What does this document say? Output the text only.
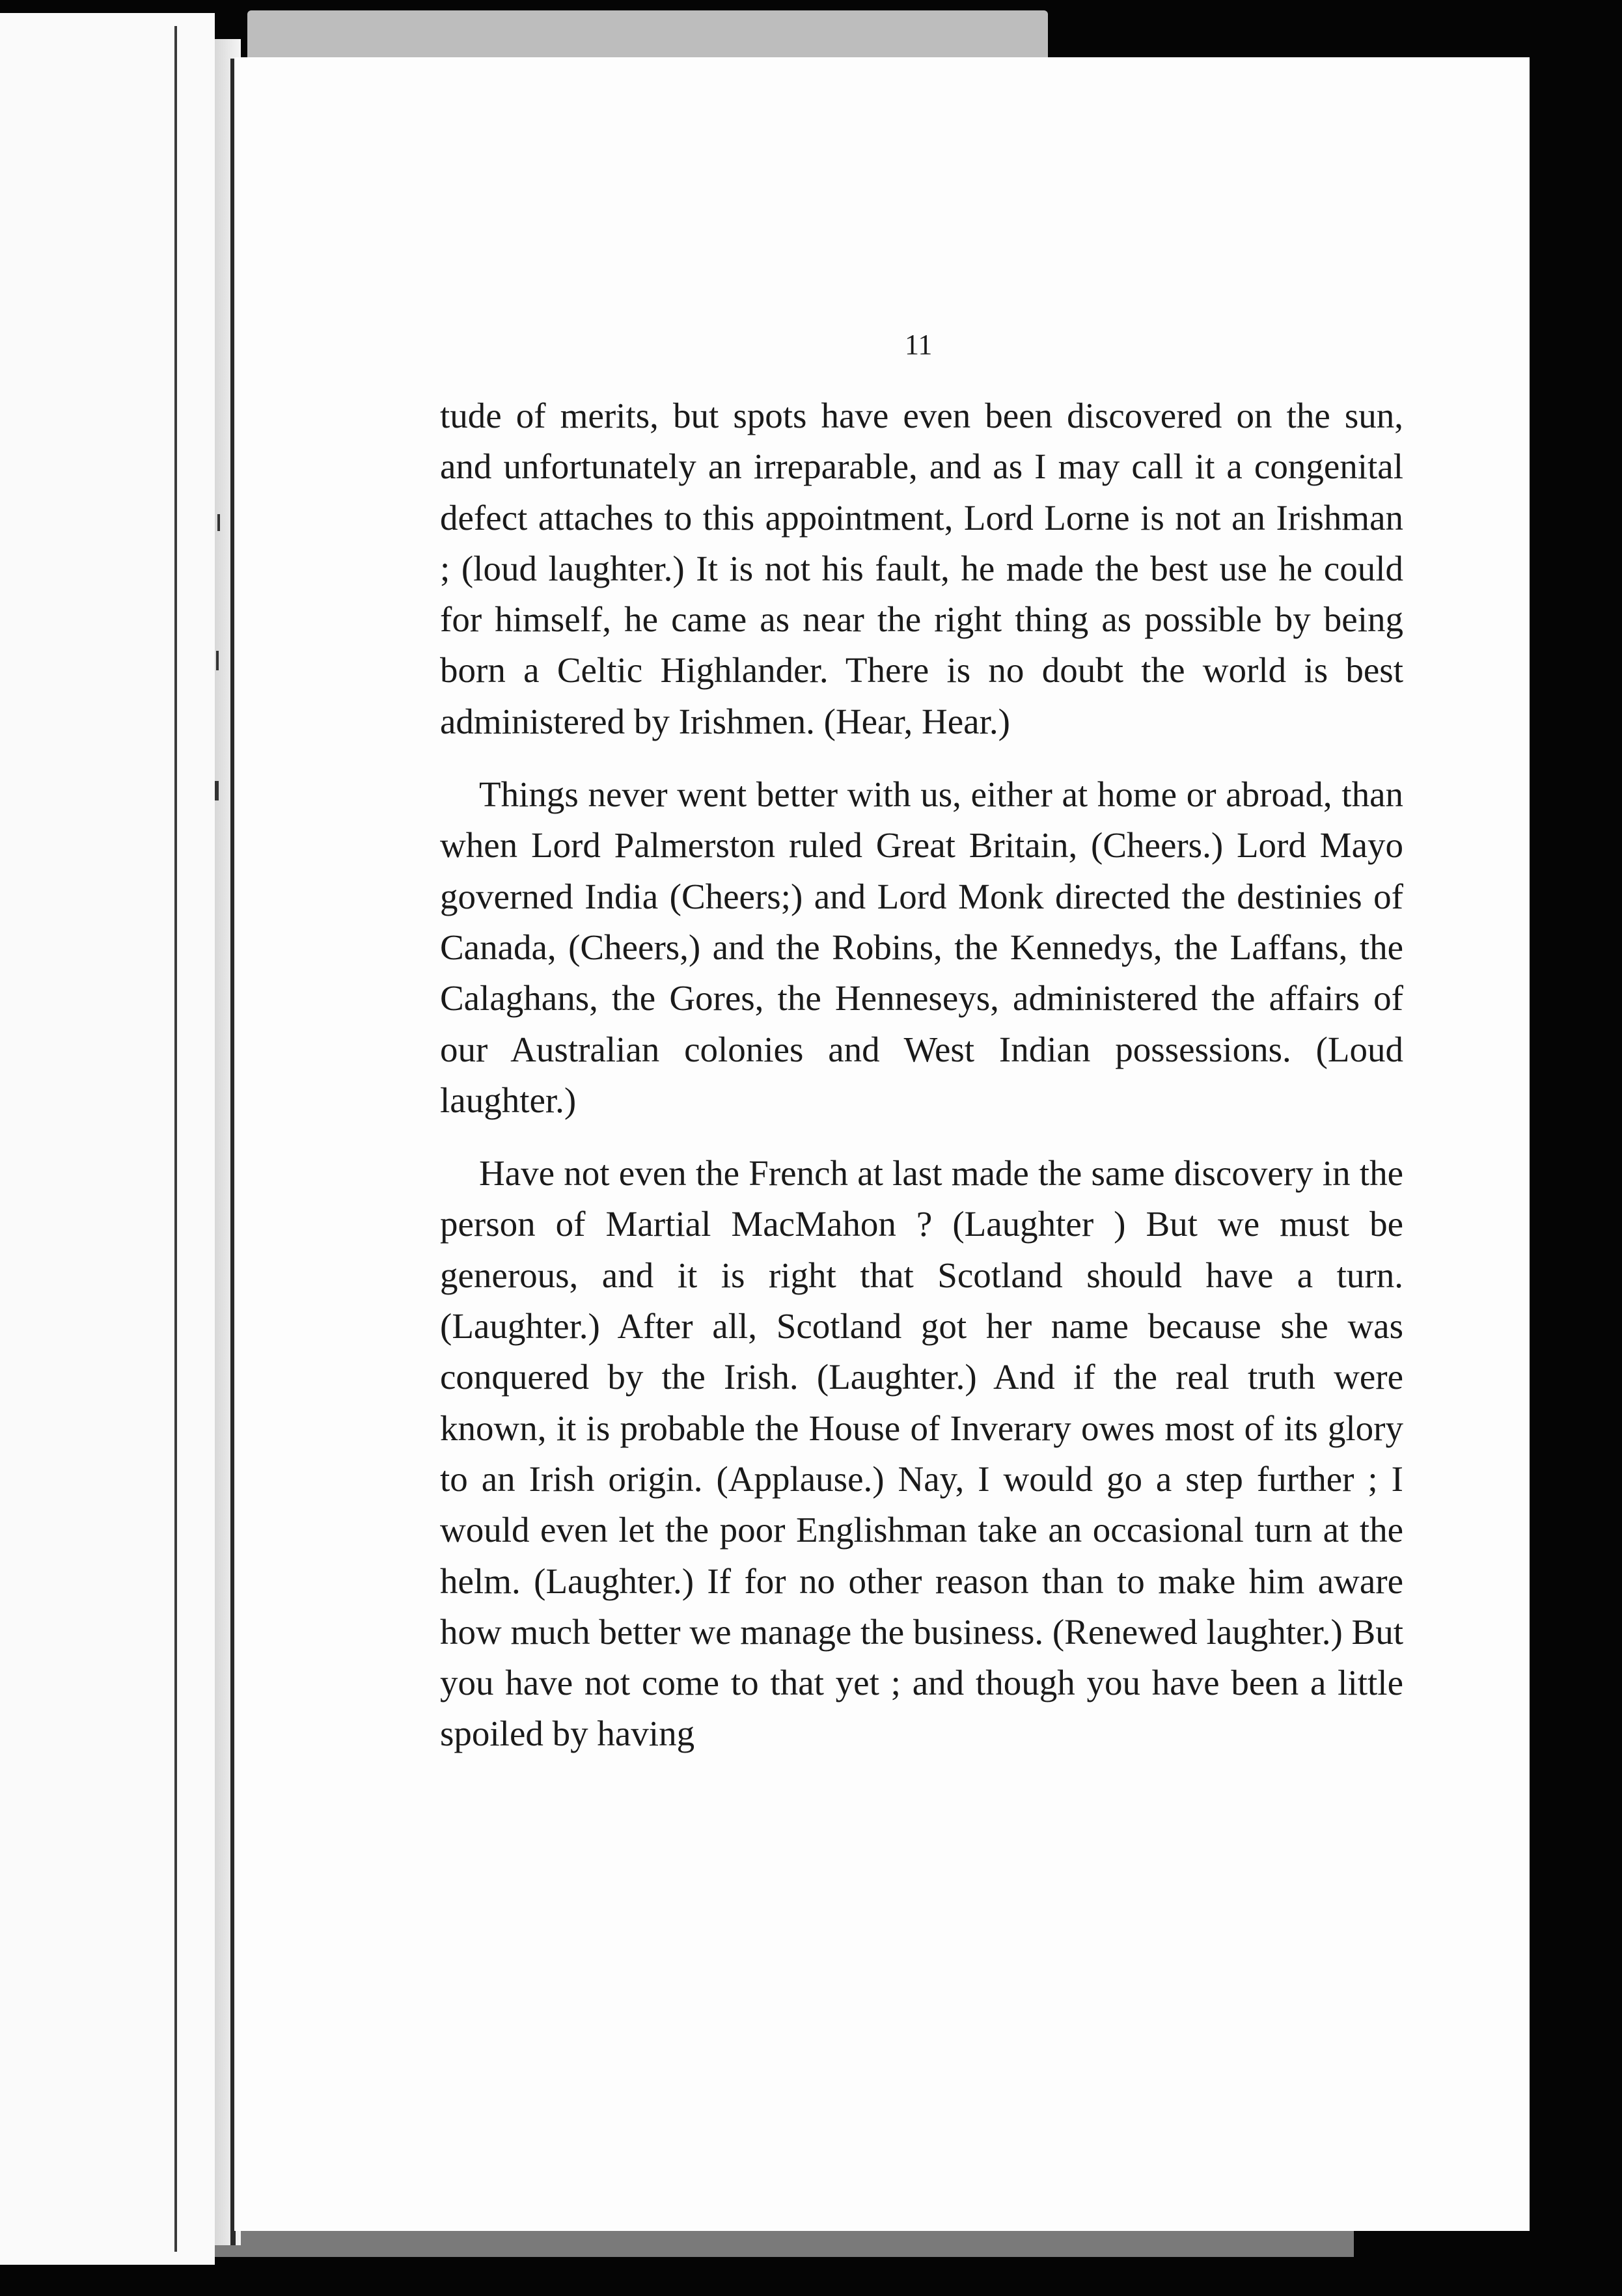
11

tude of merits, but spots have even been discovered on the sun, and unfortunately an irreparable, and as I may call it a congenital defect attaches to this appointment, Lord Lorne is not an Irishman ; (loud laughter.) It is not his fault, he made the best use he could for himself, he came as near the right thing as possible by being born a Celtic Highlander. There is no doubt the world is best administered by Irishmen. (Hear, Hear.)

Things never went better with us, either at home or abroad, than when Lord Palmerston ruled Great Britain, (Cheers.) Lord Mayo governed India (Cheers;) and Lord Monk directed the destinies of Canada, (Cheers,) and the Robins, the Kennedys, the Laffans, the Calaghans, the Gores, the Henneseys, administered the affairs of our Australian colonies and West Indian possessions. (Loud laughter.)

Have not even the French at last made the same discovery in the person of Martial MacMahon ? (Laughter ) But we must be generous, and it is right that Scotland should have a turn. (Laughter.) After all, Scotland got her name because she was conquered by the Irish. (Laughter.) And if the real truth were known, it is probable the House of Inverary owes most of its glory to an Irish origin. (Applause.) Nay, I would go a step further ; I would even let the poor Englishman take an occasional turn at the helm. (Laughter.) If for no other reason than to make him aware how much better we manage the business. (Renewed laughter.) But you have not come to that yet ; and though you have been a little spoiled by having
